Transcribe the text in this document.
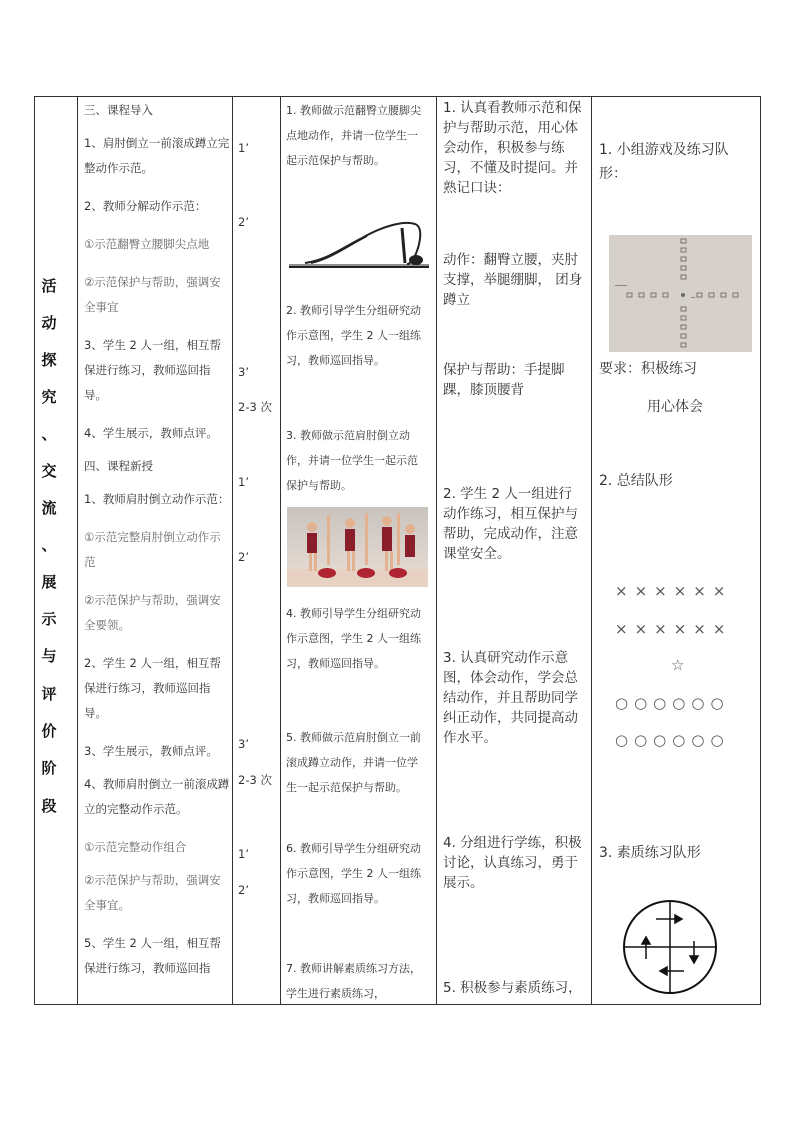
活
动
探
究
、
交
流
、
展
示
与
评
价
阶
段

三、课程导入

1、肩肘倒立一前滚成蹲立完整动作示范。

2、教师分解动作示范：

①示范翻臀立腰脚尖点地

②示范保护与帮助，强调安全事宜

3、学生 2 人一组，相互帮保进行练习，教师巡回指导。

4、学生展示，教师点评。

四、课程新授

1、教师肩肘倒立动作示范：

①示范完整肩肘倒立动作示范

②示范保护与帮助，强调安全要领。

2、学生 2 人一组，相互帮保进行练习，教师巡回指导。

3、学生展示，教师点评。

4、教师肩肘倒立一前滚成蹲立的完整动作示范。

①示范完整动作组合

②示范保护与帮助，强调安全事宜。

5、学生 2 人一组，相互帮保进行练习，教师巡回指

1’
2’
3’
2-3 次
1’
2’
3’
2-3 次
1’
2’

1. 教师做示范翻臀立腰脚尖点地动作，并请一位学生一起示范保护与帮助。

2. 教师引导学生分组研究动作示意图，学生 2 人一组练习，教师巡回指导。

3. 教师做示范肩肘倒立动作，并请一位学生一起示范保护与帮助。

4. 教师引导学生分组研究动作示意图，学生 2 人一组练习，教师巡回指导。

5. 教师做示范肩肘倒立一前滚成蹲立动作，并请一位学生一起示范保护与帮助。

6. 教师引导学生分组研究动作示意图，学生 2 人一组练习，教师巡回指导。

7. 教师讲解素质练习方法，学生进行素质练习，

1. 认真看教师示范和保护与帮助示范，用心体会动作，积极参与练习，不懂及时提问。并熟记口诀：

动作：翻臀立腰，夹肘支撑，举腿绷脚， 团身蹲立

保护与帮助：手提脚踝，膝顶腰背

2. 学生 2 人一组进行动作练习，相互保护与帮助，完成动作，注意课堂安全。

3. 认真研究动作示意图，体会动作，学会总结动作，并且帮助同学纠正动作，共同提高动作水平。

4. 分组进行学练，积极讨论，认真练习，勇于展示。

5. 积极参与素质练习，

1. 小组游戏及练习队形：
要求：积极练习
用心体会
2. 总结队形
××××××
××××××
☆
○○○○○○
○○○○○○
3. 素质练习队形
